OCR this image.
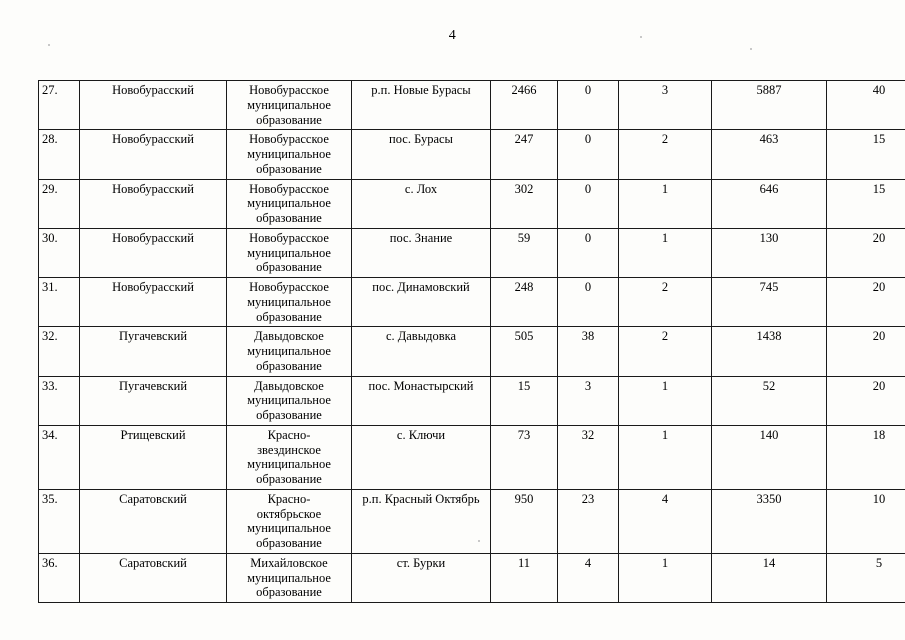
4
27.	Новобурасский	Новобурасское
муниципальное
образование	р.п. Новые Бурасы	2466	0	3	5887	40
28.	Новобурасский	Новобурасское
муниципальное
образование	пос. Бурасы	247	0	2	463	15
29.	Новобурасский	Новобурасское
муниципальное
образование	с. Лох	302	0	1	646	15
30.	Новобурасский	Новобурасское
муниципальное
образование	пос. Знание	59	0	1	130	20
31.	Новобурасский	Новобурасское
муниципальное
образование	пос. Динамовский	248	0	2	745	20
32.	Пугачевский	Давыдовское
муниципальное
образование	с. Давыдовка	505	38	2	1438	20
33.	Пугачевский	Давыдовское
муниципальное
образование	пос. Монастырский	15	3	1	52	20
34.	Ртищевский	Красно-
звездинское
муниципальное
образование	с. Ключи	73	32	1	140	18
35.	Саратовский	Красно-
октябрьское
муниципальное
образование	р.п. Красный Октябрь	950	23	4	3350	10
36.	Саратовский	Михайловское
муниципальное
образование	ст. Бурки	11	4	1	14	5
